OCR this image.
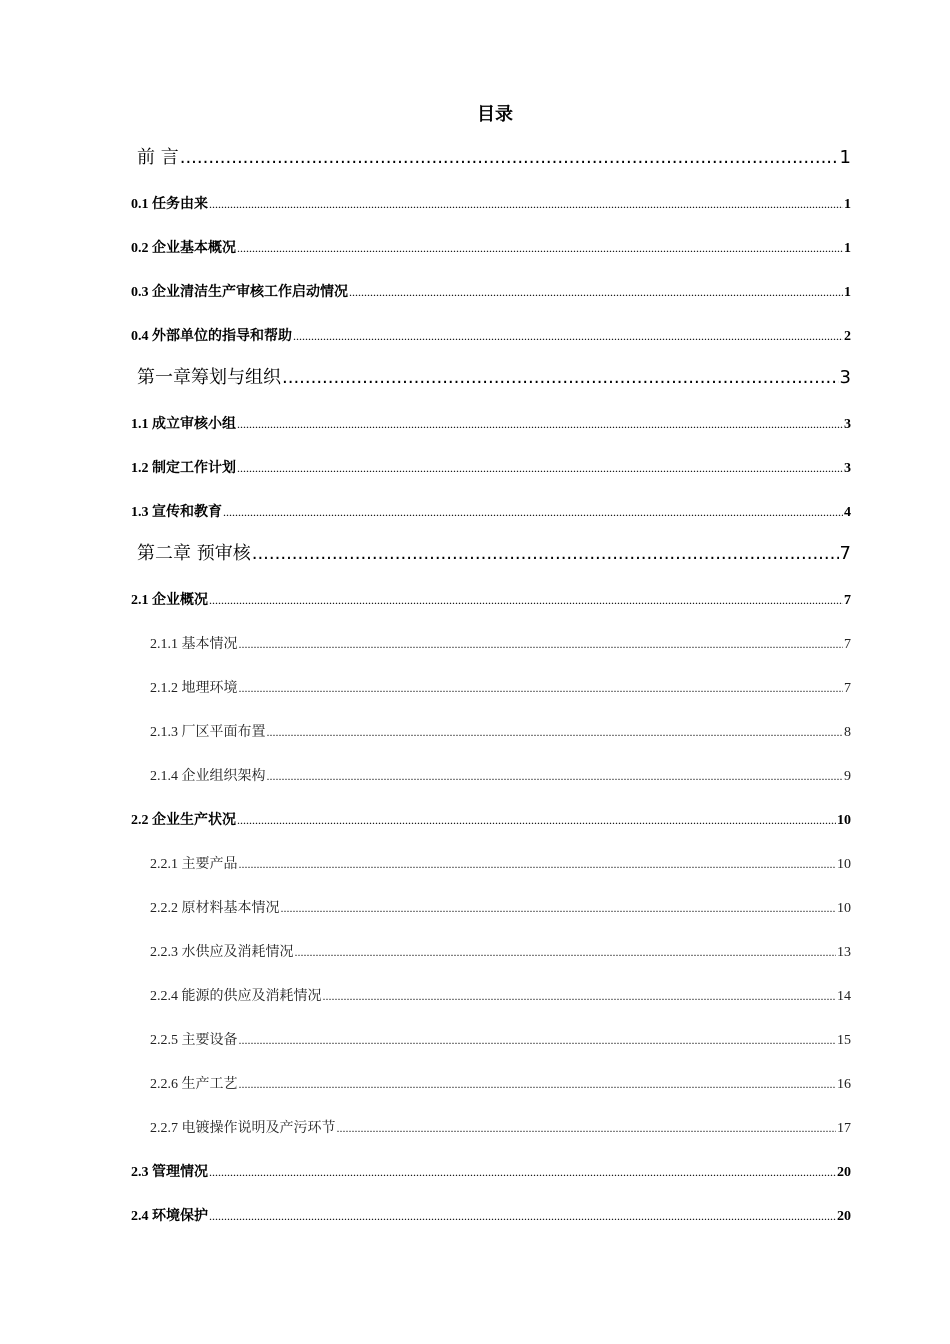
目录
前 言 .....	1
0.1 任务由来 .....	1
0.2 企业基本概况 .....	1
0.3 企业清洁生产审核工作启动情况 .....	1
0.4 外部单位的指导和帮助 .....	2
第一章筹划与组织 .....	3
1.1 成立审核小组 .....	3
1.2 制定工作计划 .....	3
1.3 宣传和教育 .....	4
第二章 预审核 .....	7
2.1 企业概况 .....	7
2.1.1 基本情况 .....	7
2.1.2 地理环境 .....	7
2.1.3 厂区平面布置 .....	8
2.1.4 企业组织架构 .....	9
2.2 企业生产状况 .....	10
2.2.1 主要产品 .....	10
2.2.2 原材料基本情况 .....	10
2.2.3 水供应及消耗情况 .....	13
2.2.4 能源的供应及消耗情况 .....	14
2.2.5 主要设备 .....	15
2.2.6 生产工艺 .....	16
2.2.7 电镀操作说明及产污环节 .....	17
2.3 管理情况 .....	20
2.4 环境保护 .....	20
